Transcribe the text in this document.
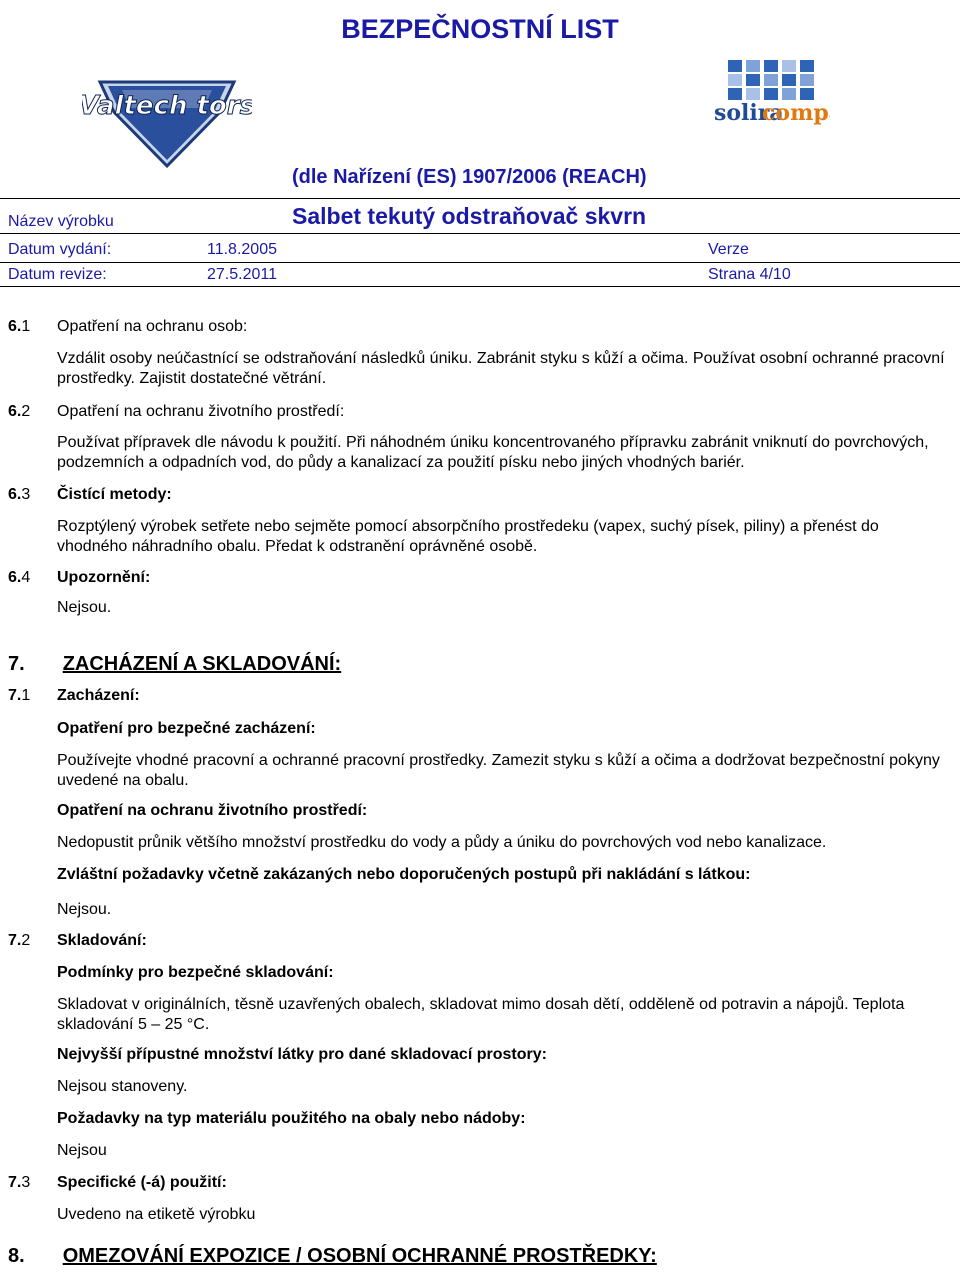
BEZPEČNOSTNÍ LIST
Valtech tors	solira
comp
(dle Nařízení (ES) 1907/2006 (REACH)
Název výrobku	Salbet tekutý odstraňovač skvrn
Datum vydání:	11.8.2005	Verze
Datum revize:	27.5.2011	Strana 4/10
6.1 Opatření na ochranu osob:
Vzdálit osoby neúčastnící se odstraňování následků úniku. Zabránit styku s kůží a očima. Používat osobní ochranné pracovní prostředky. Zajistit dostatečné větrání.
6.2 Opatření na ochranu životního prostředí:
Používat přípravek dle návodu k použití. Při náhodném úniku koncentrovaného přípravku zabránit vniknutí do povrchových, podzemních a odpadních vod, do půdy a kanalizací za použití písku nebo jiných vhodných bariér.
6.3 Čistící metody:
Rozptýlený výrobek setřete nebo sejměte pomocí absorpčního prostředeku (vapex, suchý písek, piliny) a přenést do vhodného náhradního obalu. Předat k odstranění oprávněné osobě.
6.4 Upozornění:
Nejsou.
7. ZACHÁZENÍ A SKLADOVÁNÍ:
7.1 Zacházení:
Opatření pro bezpečné zacházení:
Používejte vhodné pracovní a ochranné pracovní prostředky. Zamezit styku s kůží a očima a dodržovat bezpečnostní pokyny uvedené na obalu.
Opatření na ochranu životního prostředí:
Nedopustit průnik většího množství prostředku do vody a půdy a úniku do povrchových vod nebo kanalizace.
Zvláštní požadavky včetně zakázaných nebo doporučených postupů při nakládání s látkou:
Nejsou.
7.2 Skladování:
Podmínky pro bezpečné skladování:
Skladovat v originálních, těsně uzavřených obalech, skladovat mimo dosah dětí, odděleně od potravin a nápojů. Teplota skladování 5 – 25 °C.
Nejvyšší přípustné množství látky pro dané skladovací prostory:
Nejsou stanoveny.
Požadavky na typ materiálu použitého na obaly nebo nádoby:
Nejsou
7.3 Specifické (-á) použití:
Uvedeno na etiketě výrobku
8. OMEZOVÁNÍ EXPOZICE / OSOBNÍ OCHRANNÉ PROSTŘEDKY:
